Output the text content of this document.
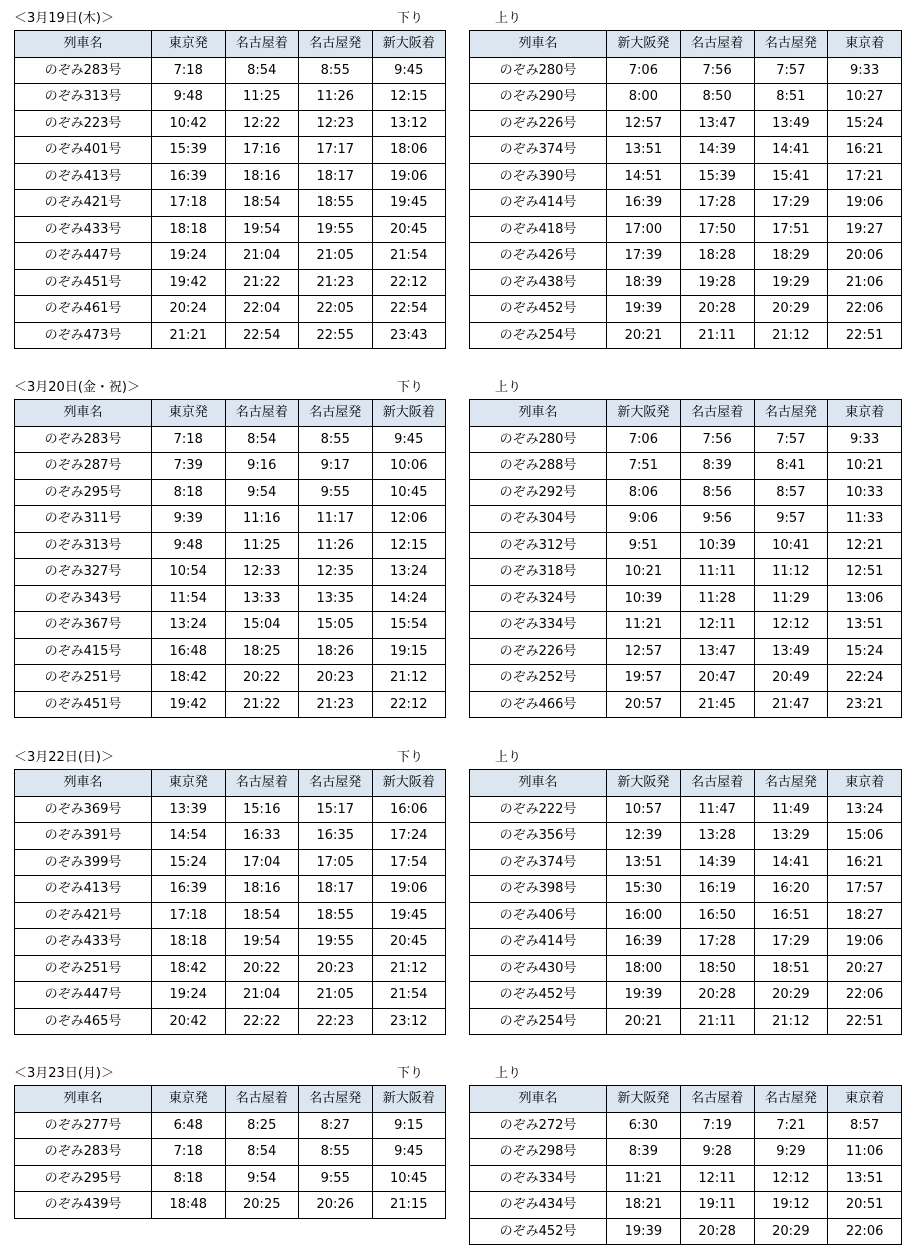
＜3月19日(木)＞	下り	上り
列車名	東京発	名古屋着	名古屋発	新大阪着
のぞみ283号	7:18	8:54	8:55	9:45
のぞみ313号	9:48	11:25	11:26	12:15
のぞみ223号	10:42	12:22	12:23	13:12
のぞみ401号	15:39	17:16	17:17	18:06
のぞみ413号	16:39	18:16	18:17	19:06
のぞみ421号	17:18	18:54	18:55	19:45
のぞみ433号	18:18	19:54	19:55	20:45
のぞみ447号	19:24	21:04	21:05	21:54
のぞみ451号	19:42	21:22	21:23	22:12
のぞみ461号	20:24	22:04	22:05	22:54
のぞみ473号	21:21	22:54	22:55	23:43
列車名	新大阪発	名古屋着	名古屋発	東京着
のぞみ280号	7:06	7:56	7:57	9:33
のぞみ290号	8:00	8:50	8:51	10:27
のぞみ226号	12:57	13:47	13:49	15:24
のぞみ374号	13:51	14:39	14:41	16:21
のぞみ390号	14:51	15:39	15:41	17:21
のぞみ414号	16:39	17:28	17:29	19:06
のぞみ418号	17:00	17:50	17:51	19:27
のぞみ426号	17:39	18:28	18:29	20:06
のぞみ438号	18:39	19:28	19:29	21:06
のぞみ452号	19:39	20:28	20:29	22:06
のぞみ254号	20:21	21:11	21:12	22:51
＜3月20日(金・祝)＞	下り	上り
列車名	東京発	名古屋着	名古屋発	新大阪着
のぞみ283号	7:18	8:54	8:55	9:45
のぞみ287号	7:39	9:16	9:17	10:06
のぞみ295号	8:18	9:54	9:55	10:45
のぞみ311号	9:39	11:16	11:17	12:06
のぞみ313号	9:48	11:25	11:26	12:15
のぞみ327号	10:54	12:33	12:35	13:24
のぞみ343号	11:54	13:33	13:35	14:24
のぞみ367号	13:24	15:04	15:05	15:54
のぞみ415号	16:48	18:25	18:26	19:15
のぞみ251号	18:42	20:22	20:23	21:12
のぞみ451号	19:42	21:22	21:23	22:12
列車名	新大阪発	名古屋着	名古屋発	東京着
のぞみ280号	7:06	7:56	7:57	9:33
のぞみ288号	7:51	8:39	8:41	10:21
のぞみ292号	8:06	8:56	8:57	10:33
のぞみ304号	9:06	9:56	9:57	11:33
のぞみ312号	9:51	10:39	10:41	12:21
のぞみ318号	10:21	11:11	11:12	12:51
のぞみ324号	10:39	11:28	11:29	13:06
のぞみ334号	11:21	12:11	12:12	13:51
のぞみ226号	12:57	13:47	13:49	15:24
のぞみ252号	19:57	20:47	20:49	22:24
のぞみ466号	20:57	21:45	21:47	23:21
＜3月22日(日)＞	下り	上り
列車名	東京発	名古屋着	名古屋発	新大阪着
のぞみ369号	13:39	15:16	15:17	16:06
のぞみ391号	14:54	16:33	16:35	17:24
のぞみ399号	15:24	17:04	17:05	17:54
のぞみ413号	16:39	18:16	18:17	19:06
のぞみ421号	17:18	18:54	18:55	19:45
のぞみ433号	18:18	19:54	19:55	20:45
のぞみ251号	18:42	20:22	20:23	21:12
のぞみ447号	19:24	21:04	21:05	21:54
のぞみ465号	20:42	22:22	22:23	23:12
列車名	新大阪発	名古屋着	名古屋発	東京着
のぞみ222号	10:57	11:47	11:49	13:24
のぞみ356号	12:39	13:28	13:29	15:06
のぞみ374号	13:51	14:39	14:41	16:21
のぞみ398号	15:30	16:19	16:20	17:57
のぞみ406号	16:00	16:50	16:51	18:27
のぞみ414号	16:39	17:28	17:29	19:06
のぞみ430号	18:00	18:50	18:51	20:27
のぞみ452号	19:39	20:28	20:29	22:06
のぞみ254号	20:21	21:11	21:12	22:51
＜3月23日(月)＞	下り	上り
列車名	東京発	名古屋着	名古屋発	新大阪着
のぞみ277号	6:48	8:25	8:27	9:15
のぞみ283号	7:18	8:54	8:55	9:45
のぞみ295号	8:18	9:54	9:55	10:45
のぞみ439号	18:48	20:25	20:26	21:15
列車名	新大阪発	名古屋着	名古屋発	東京着
のぞみ272号	6:30	7:19	7:21	8:57
のぞみ298号	8:39	9:28	9:29	11:06
のぞみ334号	11:21	12:11	12:12	13:51
のぞみ434号	18:21	19:11	19:12	20:51
のぞみ452号	19:39	20:28	20:29	22:06
